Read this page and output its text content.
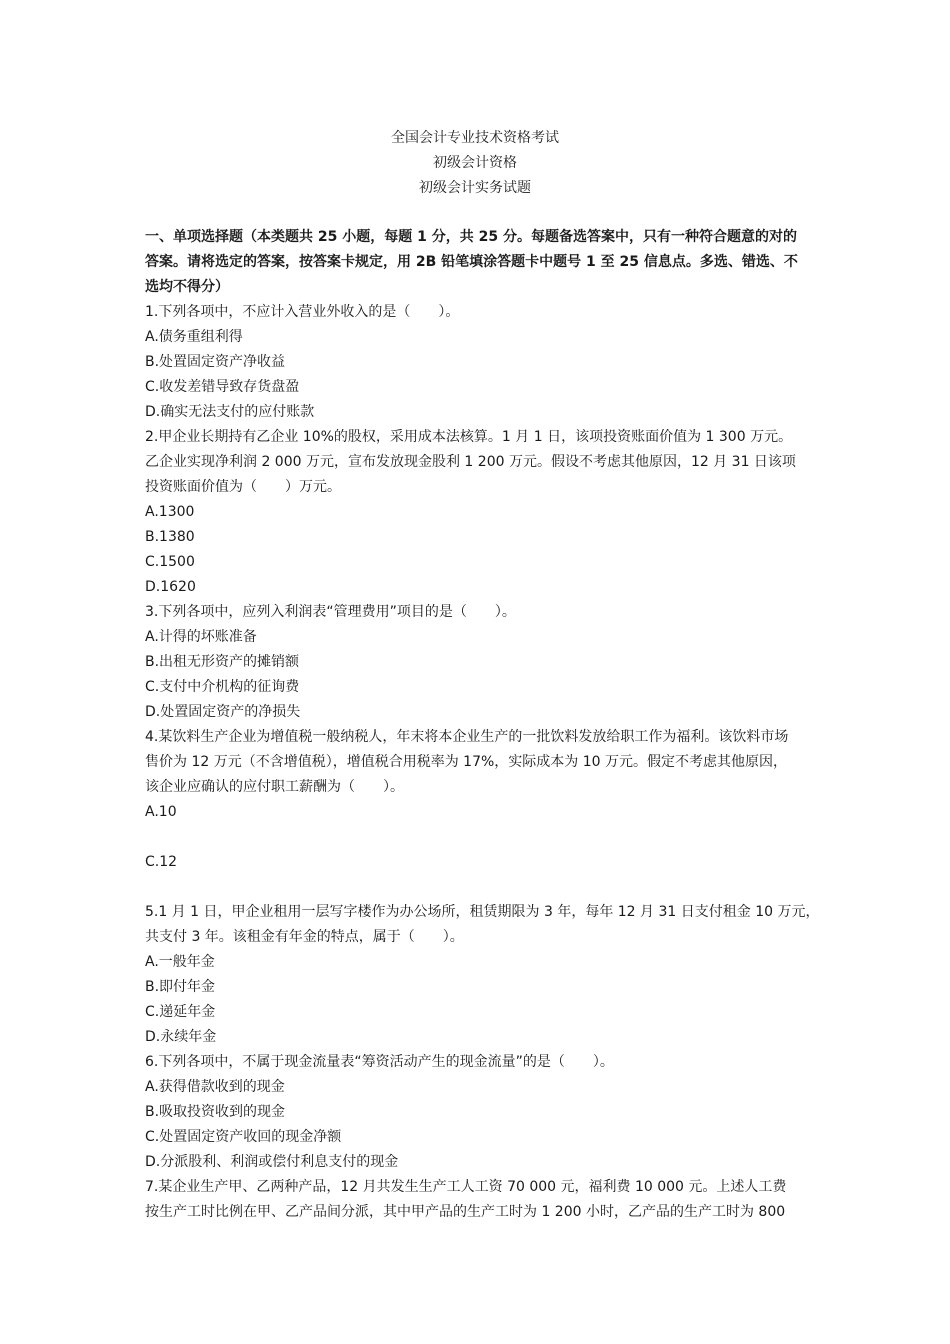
全国会计专业技术资格考试
初级会计资格
初级会计实务试题
一、单项选择题（本类题共 25 小题，每题 1 分，共 25 分。每题备选答案中，只有一种符合题意的对的
答案。请将选定的答案，按答案卡规定，用 2B 铅笔填涂答题卡中题号 1 至 25 信息点。多选、错选、不
选均不得分）
1.下列各项中，不应计入营业外收入的是（　　）。
A.债务重组利得
B.处置固定资产净收益
C.收发差错导致存货盘盈
D.确实无法支付的应付账款
2.甲企业长期持有乙企业 10%的股权，采用成本法核算。1 月 1 日，该项投资账面价值为 1 300 万元。
乙企业实现净利润 2 000 万元，宣布发放现金股利 1 200 万元。假设不考虑其他原因，12 月 31 日该项
投资账面价值为（　　）万元。
A.1300
B.1380
C.1500
D.1620
3.下列各项中，应列入利润表“管理费用”项目的是（　　）。
A.计得的坏账准备
B.出租无形资产的摊销额
C.支付中介机构的征询费
D.处置固定资产的净损失
4.某饮料生产企业为增值税一般纳税人，年末将本企业生产的一批饮料发放给职工作为福利。该饮料市场
售价为 12 万元（不含增值税），增值税合用税率为 17%，实际成本为 10 万元。假定不考虑其他原因，
该企业应确认的应付职工薪酬为（　　）。
A.10
C.12
5.1 月 1 日，甲企业租用一层写字楼作为办公场所，租赁期限为 3 年，每年 12 月 31 日支付租金 10 万元，
共支付 3 年。该租金有年金的特点，属于（　　）。
A.一般年金
B.即付年金
C.递延年金
D.永续年金
6.下列各项中，不属于现金流量表“筹资活动产生的现金流量”的是（　　）。
A.获得借款收到的现金
B.吸取投资收到的现金
C.处置固定资产收回的现金净额
D.分派股利、利润或偿付利息支付的现金
7.某企业生产甲、乙两种产品，12 月共发生生产工人工资 70 000 元，福利费 10 000 元。上述人工费
按生产工时比例在甲、乙产品间分派，其中甲产品的生产工时为 1 200 小时，乙产品的生产工时为 800
